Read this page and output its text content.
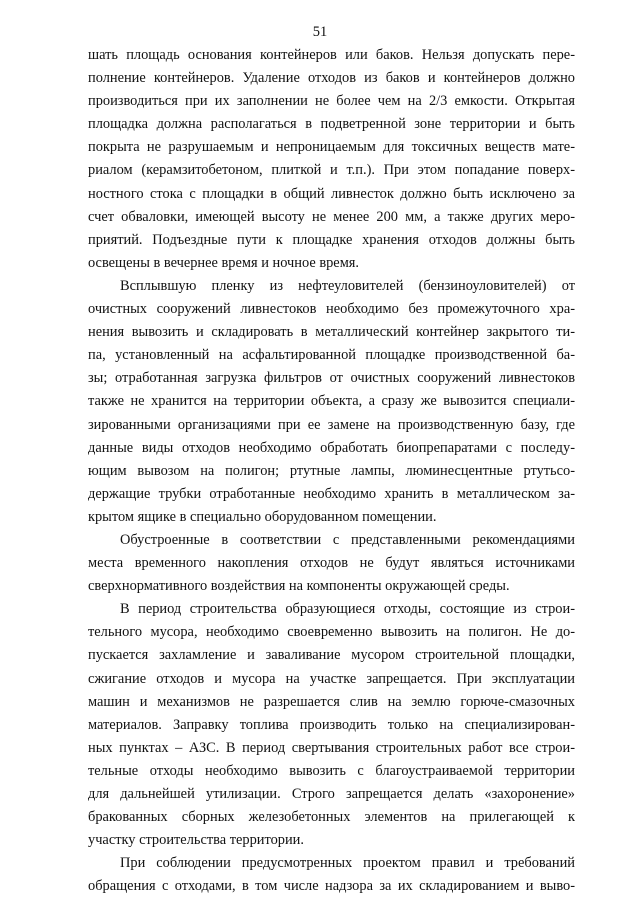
51
шать площадь основания контейнеров или баков. Нельзя допускать пере-
полнение контейнеров. Удаление отходов из баков и контейнеров должно
производиться при их заполнении не более чем на 2/3 емкости. Открытая
площадка должна располагаться в подветренной зоне территории и быть
покрыта не разрушаемым и непроницаемым для токсичных веществ мате-
риалом (керамзитобетоном, плиткой и т.п.). При этом попадание поверх-
ностного стока с площадки в общий ливнесток должно быть исключено за
счет обваловки, имеющей высоту не менее 200 мм, а также других меро-
приятий. Подъездные пути к площадке хранения отходов должны быть
освещены в вечернее время и ночное время.
Всплывшую пленку из нефтеуловителей (бензиноуловителей) от
очистных сооружений ливнестоков необходимо без промежуточного хра-
нения вывозить и складировать в металлический контейнер закрытого ти-
па, установленный на асфальтированной площадке производственной ба-
зы; отработанная загрузка фильтров от очистных сооружений ливнестоков
также не хранится на территории объекта, а сразу же вывозится специали-
зированными организациями при ее замене на производственную базу, где
данные виды отходов необходимо обработать биопрепаратами с последу-
ющим вывозом на полигон; ртутные лампы, люминесцентные ртутьсо-
держащие трубки отработанные необходимо хранить в металлическом за-
крытом ящике в специально оборудованном помещении.
Обустроенные в соответствии с представленными рекомендациями
места временного накопления отходов не будут являться источниками
сверхнормативного воздействия на компоненты окружающей среды.
В период строительства образующиеся отходы, состоящие из строи-
тельного мусора, необходимо своевременно вывозить на полигон. Не до-
пускается захламление и заваливание мусором строительной площадки,
сжигание отходов и мусора на участке запрещается. При эксплуатации
машин и механизмов не разрешается слив на землю горюче-смазочных
материалов. Заправку топлива производить только на специализирован-
ных пунктах – АЗС. В период свертывания строительных работ все строи-
тельные отходы необходимо вывозить с благоустраиваемой территории
для дальнейшей утилизации. Строго запрещается делать «захоронение»
бракованных сборных железобетонных элементов на прилегающей к
участку строительства территории.
При соблюдении предусмотренных проектом правил и требований
обращения с отходами, в том числе надзора за их складированием и выво-
